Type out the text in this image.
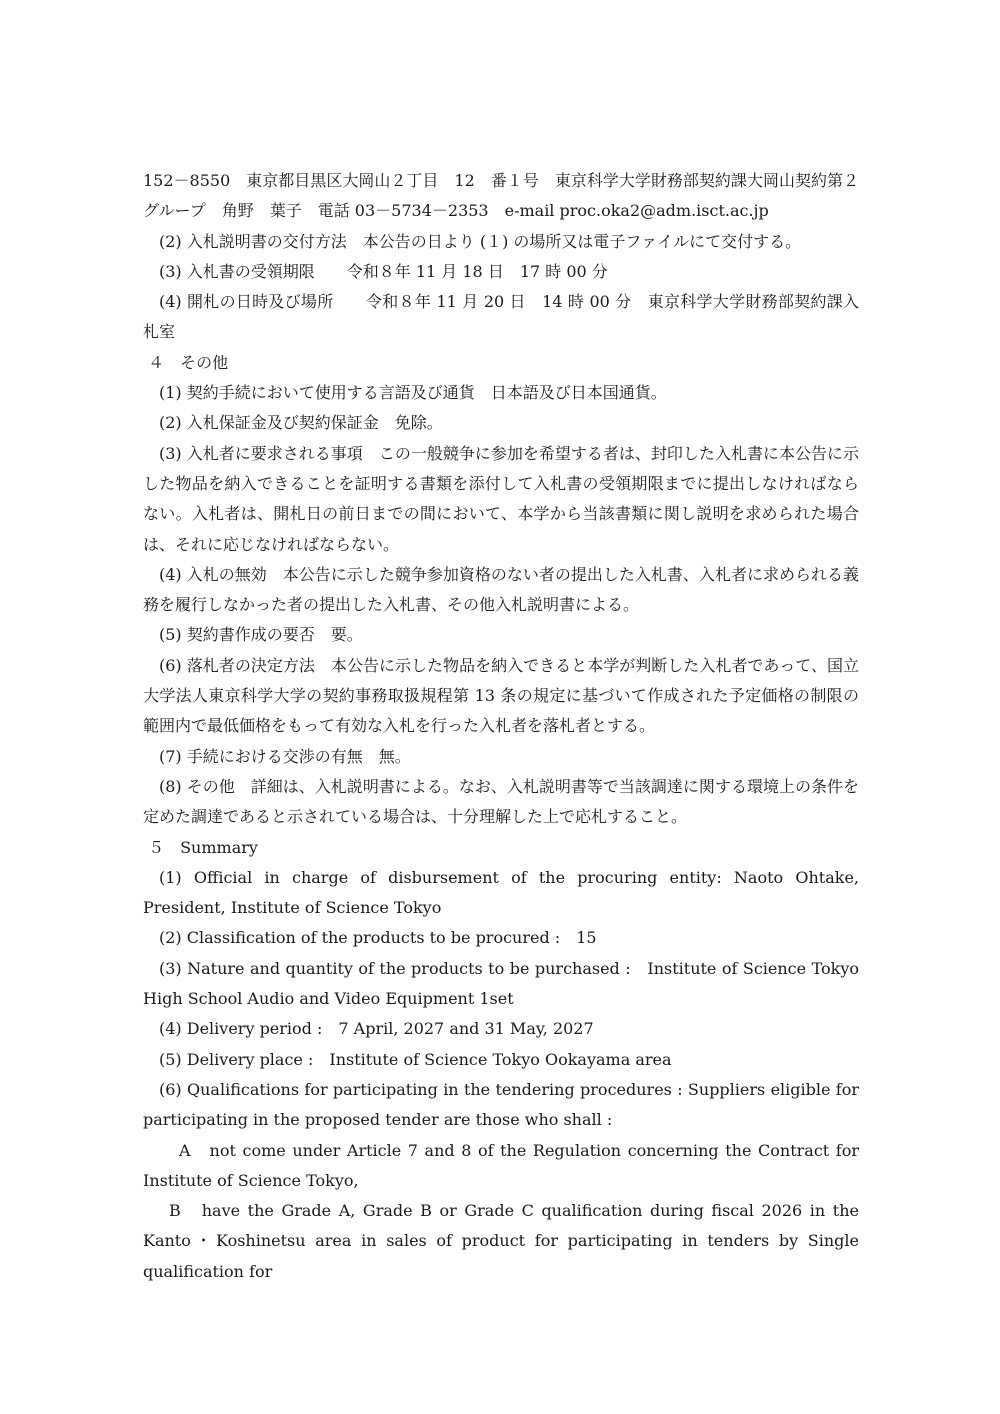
152－8550　東京都目黒区大岡山２丁目　12　番１号　東京科学大学財務部契約課大岡山契約第２グループ　角野　葉子　電話 03－5734－2353　e-mail proc.oka2@adm.isct.ac.jp

(2) 入札説明書の交付方法　本公告の日より (１) の場所又は電子ファイルにて交付する。

(3) 入札書の受領期限　　令和８年 11 月 18 日　17 時 00 分

(4) 開札の日時及び場所　　令和８年 11 月 20 日　14 時 00 分　東京科学大学財務部契約課入札室

４　その他

(1) 契約手続において使用する言語及び通貨　日本語及び日本国通貨。

(2) 入札保証金及び契約保証金　免除。

(3) 入札者に要求される事項　この一般競争に参加を希望する者は、封印した入札書に本公告に示した物品を納入できることを証明する書類を添付して入札書の受領期限までに提出しなければならない。入札者は、開札日の前日までの間において、本学から当該書類に関し説明を求められた場合は、それに応じなければならない。

(4) 入札の無効　本公告に示した競争参加資格のない者の提出した入札書、入札者に求められる義務を履行しなかった者の提出した入札書、その他入札説明書による。

(5) 契約書作成の要否　要。

(6) 落札者の決定方法　本公告に示した物品を納入できると本学が判断した入札者であって、国立大学法人東京科学大学の契約事務取扱規程第 13 条の規定に基づいて作成された予定価格の制限の範囲内で最低価格をもって有効な入札を行った入札者を落札者とする。

(7) 手続における交渉の有無　無。

(8) その他　詳細は、入札説明書による。なお、入札説明書等で当該調達に関する環境上の条件を定めた調達であると示されている場合は、十分理解した上で応札すること。

５　Summary

(1) Official in charge of disbursement of the procuring entity: Naoto Ohtake, President, Institute of Science Tokyo

(2) Classification of the products to be procured :　15

(3) Nature and quantity of the products to be purchased :　Institute of Science Tokyo High School Audio and Video Equipment 1set

(4) Delivery period :　7 April, 2027 and 31 May, 2027

(5) Delivery place :　Institute of Science Tokyo Ookayama area

(6) Qualifications for participating in the tendering procedures : Suppliers eligible for participating in the proposed tender are those who shall :

A　not come under Article 7 and 8 of the Regulation concerning the Contract for Institute of Science Tokyo,

B　have the Grade A, Grade B or Grade C qualification during fiscal 2026 in the Kanto・Koshinetsu area in sales of product for participating in tenders by Single qualification for
